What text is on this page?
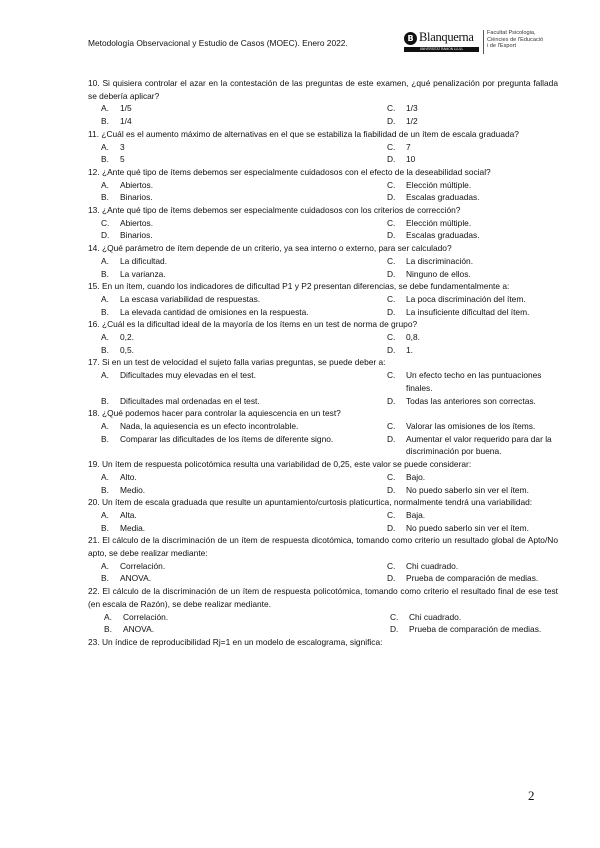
Metodología Observacional y Estudio de Casos (MOEC). Enero 2022.	B Blanquerna
UNIVERSITAT RAMON LLULL
Facultat Psicologia,
Ciències de l'Educació
i de l'Esport
10. Si quisiera controlar el azar en la contestación de las preguntas de este examen, ¿qué penalización por pregunta fallada se debería aplicar?
A.	1/5	C.	1/3
B.	1/4	D.	1/2
11. ¿Cuál es el aumento máximo de alternativas en el que se estabiliza la fiabilidad de un ítem de escala graduada?
A.	3	C.	7
B.	5	D.	10
12. ¿Ante qué tipo de ítems debemos ser especialmente cuidadosos con el efecto de la deseabilidad social?
A.	Abiertos.	C.	Elección múltiple.
B.	Binarios.	D.	Escalas graduadas.
13. ¿Ante qué tipo de ítems debemos ser especialmente cuidadosos con los criterios de corrección?
C.	Abiertos.	C.	Elección múltiple.
D.	Binarios.	D.	Escalas graduadas.
14. ¿Qué parámetro de ítem depende de un criterio, ya sea interno o externo, para ser calculado?
A.	La dificultad.	C.	La discriminación.
B.	La varianza.	D.	Ninguno de ellos.
15. En un ítem, cuando los indicadores de dificultad P1 y P2 presentan diferencias, se debe fundamentalmente a:
A.	La escasa variabilidad de respuestas.	C.	La poca discriminación del ítem.
B.	La elevada cantidad de omisiones en la respuesta.	D.	La insuficiente dificultad del ítem.
16. ¿Cuál es la dificultad ideal de la mayoría de los ítems en un test de norma de grupo?
A.	0,2.	C.	0,8.
B.	0,5.	D.	1.
17. Si en un test de velocidad el sujeto falla varias preguntas, se puede deber a:
A.	Dificultades muy elevadas en el test.	C.	Un efecto techo en las puntuaciones finales.
B.	Dificultades mal ordenadas en el test.	D.	Todas las anteriores son correctas.
18. ¿Qué podemos hacer para controlar la aquiescencia en un test?
A.	Nada, la aquiesencia es un efecto incontrolable.	C.	Valorar las omisiones de los ítems.
B.	Comparar las dificultades de los ítems de diferente signo.	D.	Aumentar el valor requerido para dar la discriminación por buena.
19. Un ítem de respuesta policotómica resulta una variabilidad de 0,25, este valor se puede considerar:
A.	Alto.	C.	Bajo.
B.	Medio.	D.	No puedo saberlo sin ver el ítem.
20. Un ítem de escala graduada que resulte un apuntamiento/curtosis platicurtica, normalmente tendrá una variabilidad:
A.	Alta.	C.	Baja.
B.	Media.	D.	No puedo saberlo sin ver el ítem.
21. El cálculo de la discriminación de un ítem de respuesta dicotómica, tomando como criterio un resultado global de Apto/No apto, se debe realizar mediante:
A.	Correlación.	C.	Chi cuadrado.
B.	ANOVA.	D.	Prueba de comparación de medias.
22. El cálculo de la discriminación de un ítem de respuesta policotómica, tomando como criterio el resultado final de ese test (en escala de Razón), se debe realizar mediante.
A.	Correlación.	C.	Chi cuadrado.
B.	ANOVA.	D.	Prueba de comparación de medias.
23. Un índice de reproducibilidad Rj=1 en un modelo de escalograma, significa:
2
